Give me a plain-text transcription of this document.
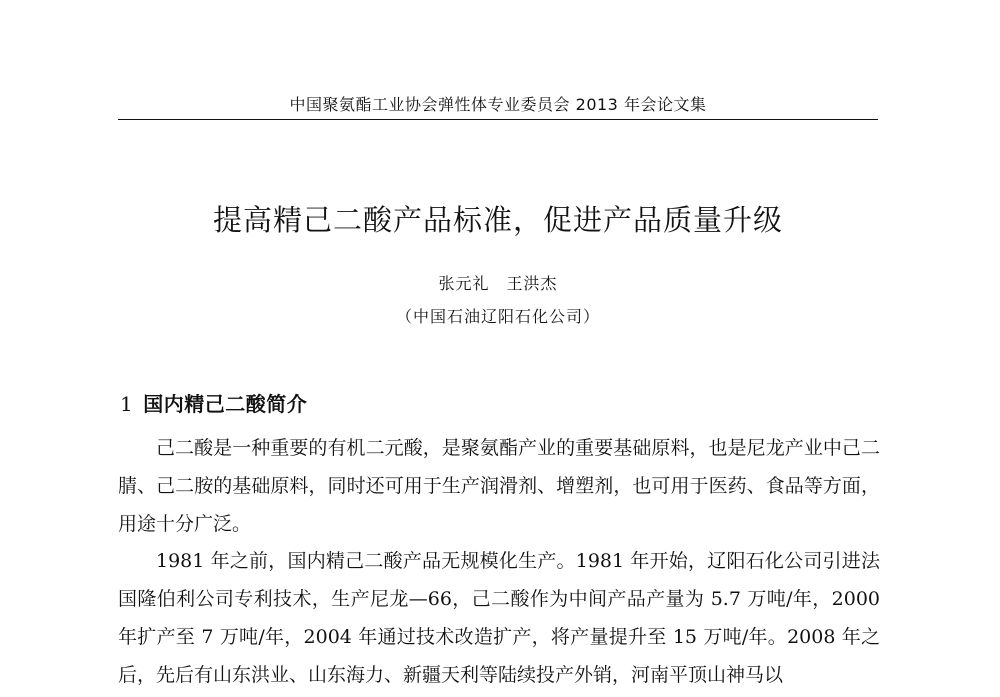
中国聚氨酯工业协会弹性体专业委员会 2013 年会论文集
提高精己二酸产品标准，促进产品质量升级
张元礼　王洪杰
（中国石油辽阳石化公司）
1 国内精己二酸简介

己二酸是一种重要的有机二元酸，是聚氨酯产业的重要基础原料，也是尼龙产业中己二腈、己二胺的基础原料，同时还可用于生产润滑剂、增塑剂，也可用于医药、食品等方面，用途十分广泛。

1981 年之前，国内精己二酸产品无规模化生产。1981 年开始，辽阳石化公司引进法国隆伯利公司专利技术，生产尼龙—66，己二酸作为中间产品产量为 5.7 万吨/年，2000 年扩产至 7 万吨/年，2004 年通过技术改造扩产，将产量提升至 15 万吨/年。2008 年之后，先后有山东洪业、山东海力、新疆天利等陆续投产外销，河南平顶山神马以
